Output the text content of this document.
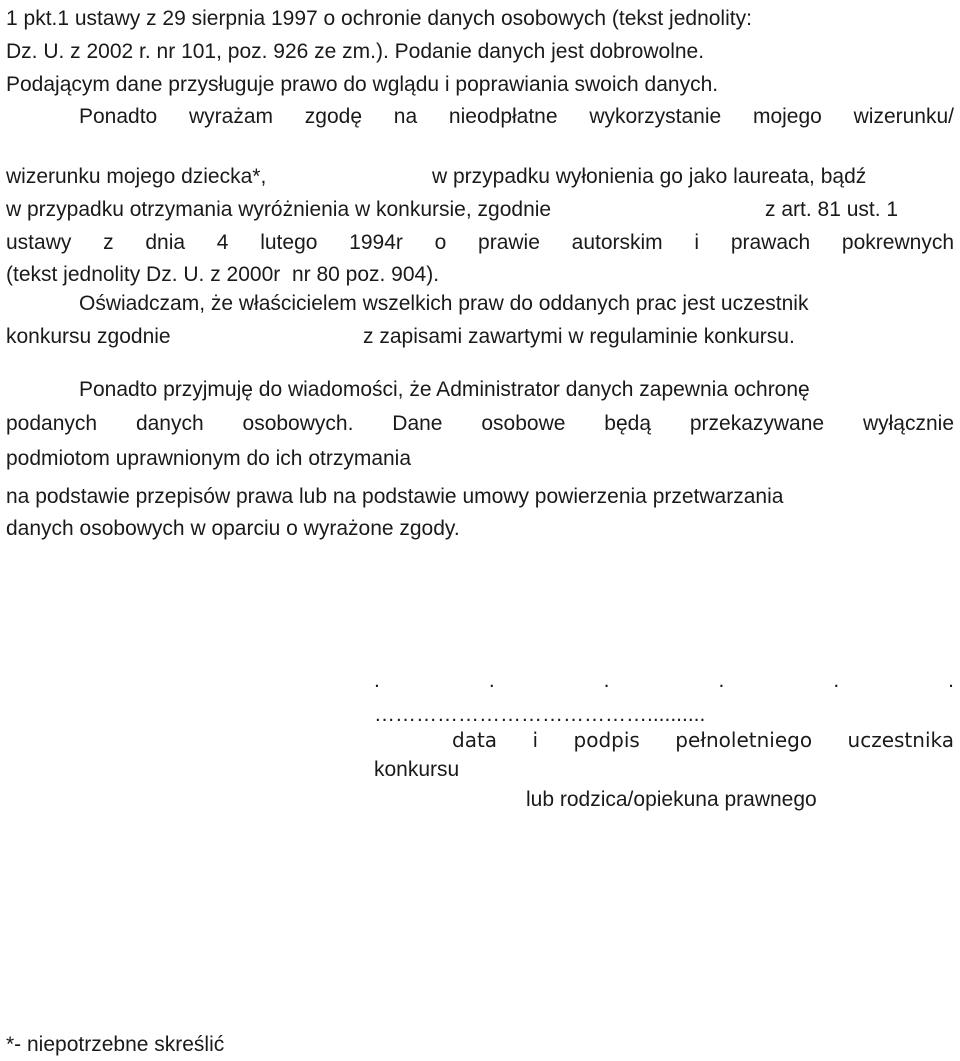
1 pkt.1 ustawy z 29 sierpnia 1997 o ochronie danych osobowych (tekst jednolity:
Dz. U. z 2002 r. nr 101, poz. 926 ze zm.). Podanie danych jest dobrowolne.
Podającym dane przysługuje prawo do wglądu i poprawiania swoich danych.
Ponadto wyrażam zgodę na nieodpłatne wykorzystanie mojego wizerunku/
wizerunku mojego dziecka*,	w przypadku wyłonienia go jako laureata, bądź
w przypadku otrzymania wyróżnienia w konkursie, zgodnie	z art. 81 ust. 1
ustawy z dnia 4 lutego 1994r o prawie autorskim i prawach pokrewnych
(tekst jednolity Dz. U. z 2000r  nr 80 poz. 904).
Oświadczam, że właścicielem wszelkich praw do oddanych prac jest uczestnik
konkursu zgodnie	z zapisami zawartymi w regulaminie konkursu.
Ponadto przyjmuję do wiadomości, że Administrator danych zapewnia ochronę
podanych danych osobowych. Dane osobowe będą przekazywane wyłącznie
podmiotom uprawnionym do ich otrzymania
na podstawie przepisów prawa lub na podstawie umowy powierzenia przetwarzania
danych osobowych w oparciu o wyrażone zgody.
. . . . . .
…………………………………..........
data i podpis pełnoletniego uczestnika
konkursu
lub rodzica/opiekuna prawnego
*- niepotrzebne skreślić
